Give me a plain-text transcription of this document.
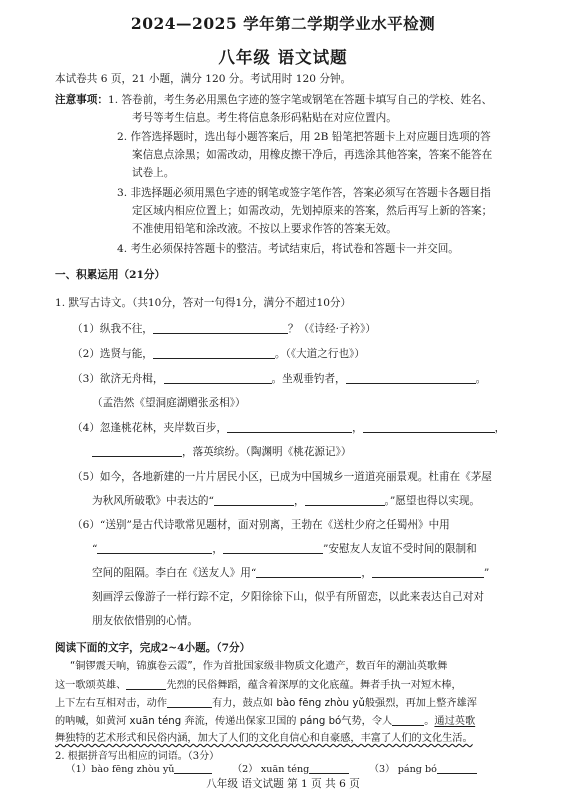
2024—2025 学年第二学期学业水平检测
八年级 语文试题
本试卷共 6 页，21 小题，满分 120 分。考试用时 120 分钟。
注意事项：1. 答卷前，考生务必用黑色字迹的签字笔或钢笔在答题卡填写自己的学校、姓名、
考号等考生信息。考生将信息条形码粘贴在对应位置内。
2. 作答选择题时，选出每小题答案后，用 2B 铅笔把答题卡上对应题目选项的答
案信息点涂黑；如需改动，用橡皮擦干净后，再选涂其他答案，答案不能答在
试卷上。
3. 非选择题必须用黑色字迹的钢笔或签字笔作答，答案必须写在答题卡各题目指
定区域内相应位置上；如需改动，先划掉原来的答案，然后再写上新的答案；
不准使用铅笔和涂改液。不按以上要求作答的答案无效。
4. 考生必须保持答题卡的整洁。考试结束后，将试卷和答题卡一并交回。
一、积累运用（21分）
1. 默写古诗文。（共10分，答对一句得1分，满分不超过10分）
（1）纵我不往，	？（《诗经·子衿》）
（2）选贤与能，	。（《大道之行也》）
（3）欲济无舟楫，	。坐观垂钓者，	。
（孟浩然《望洞庭湖赠张丞相》）
（4）忽逢桃花林，夹岸数百步，	，	，
，落英缤纷。（陶渊明《桃花源记》）
（5）如今，各地新建的一片片居民小区，已成为中国城乡一道道亮丽景观。杜甫在《茅屋
为秋风所破歌》中表达的“	，	。”愿望也得以实现。
（6）“送别”是古代诗歌常见题材，面对别离，王勃在《送杜少府之任蜀州》中用
“	，	”安慰友人友谊不受时间的限制和
空间的阻隔。李白在《送友人》用“	，	”
刻画浮云像游子一样行踪不定，夕阳徐徐下山，似乎有所留恋，以此来表达自己对对
朋友依依惜别的心情。
阅读下面的文字，完成2~4小题。（7分）
“铜锣震天响，锦旗卷云霞”，作为首批国家级非物质文化遗产，数百年的潮汕英歌舞
这一歌颂英雄、	先烈的民俗舞蹈，蕴含着深厚的文化底蕴。舞者手执一对短木棒，
上下左右互相对击，动作	有力，鼓点如 bào fēng zhòu yǔ般强烈，再加上整齐雄浑
的呐喊，如黄河 xuān téng 奔流，传递出保家卫国的 páng bó气势，令人	。通过英歌
舞独特的艺术形式和民俗内涵，加大了人们的文化自信心和自豪感，丰富了人们的文化生活。
2. 根据拼音写出相应的词语。（3分）
八年级 语文试题 第 1 页 共 6 页
（1）bào fēng zhòu yǔ	（2） xuān téng	（3） páng bó
